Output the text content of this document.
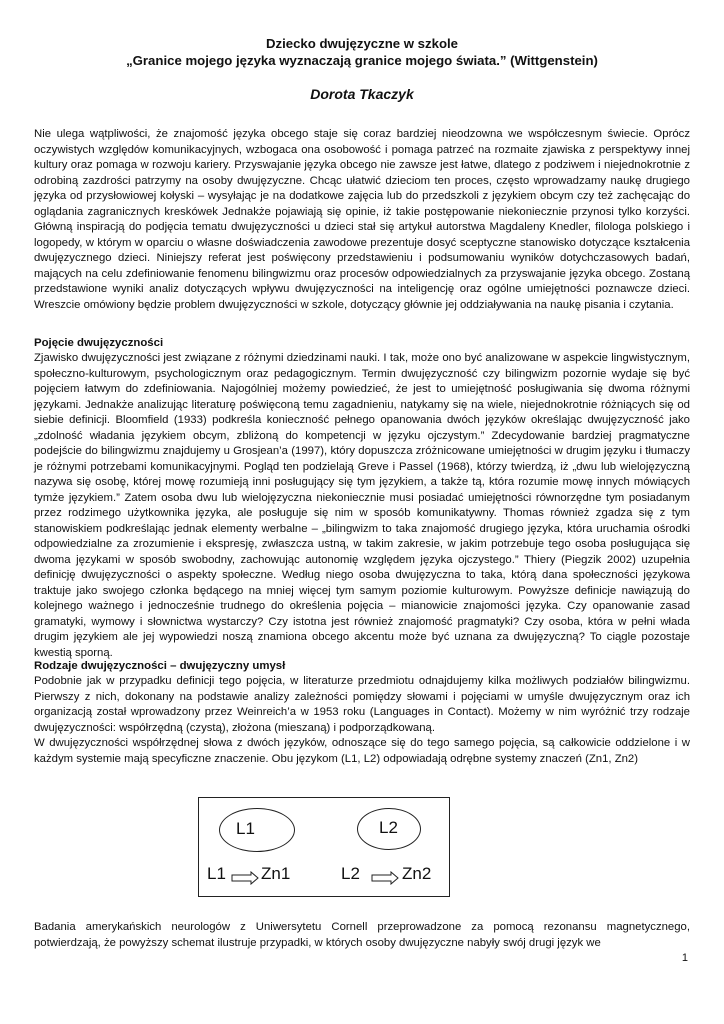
Dziecko dwujęzyczne w szkole
„Granice mojego języka wyznaczają granice mojego świata.” (Wittgenstein)
Dorota Tkaczyk

Nie ulega wątpliwości, że znajomość języka obcego staje się coraz bardziej nieodzowna we współczesnym świecie. Oprócz oczywistych względów komunikacyjnych, wzbogaca ona osobowość i pomaga patrzeć na rozmaite zjawiska z perspektywy innej kultury oraz pomaga w rozwoju kariery. Przyswajanie języka obcego nie zawsze jest łatwe, dlatego z podziwem i niejednokrotnie z odrobiną zazdrości patrzymy na osoby dwujęzyczne. Chcąc ułatwić dzieciom ten proces, często wprowadzamy naukę drugiego języka od przysłowiowej kołyski – wysyłając je na dodatkowe zajęcia lub do przedszkoli z językiem obcym czy też zachęcając do oglądania zagranicznych kreskówek Jednakże pojawiają się opinie, iż takie postępowanie niekoniecznie przynosi tylko korzyści. Główną inspiracją do podjęcia tematu dwujęzyczności u dzieci stał się artykuł autorstwa Magdaleny Knedler, filologa polskiego i logopedy, w którym w oparciu o własne doświadczenia zawodowe prezentuje dosyć sceptyczne stanowisko dotyczące kształcenia dwujęzycznego dzieci. Niniejszy referat jest poświęcony przedstawieniu i podsumowaniu wyników dotychczasowych badań, mających na celu zdefiniowanie fenomenu bilingwizmu oraz procesów odpowiedzialnych za przyswajanie języka obcego. Zostaną przedstawione wyniki analiz dotyczących wpływu dwujęzyczności na inteligencję oraz ogólne umiejętności poznawcze dzieci. Wreszcie omówiony będzie problem dwujęzyczności w szkole, dotyczący głównie jej oddziaływania na naukę pisania i czytania.

Pojęcie dwujęzyczności

Zjawisko dwujęzyczności jest związane z różnymi dziedzinami nauki. I tak, może ono być analizowane w aspekcie lingwistycznym, społeczno-kulturowym, psychologicznym oraz pedagogicznym. Termin dwujęzyczność czy bilingwizm pozornie wydaje się być pojęciem łatwym do zdefiniowania. Najogólniej możemy powiedzieć, że jest to umiejętność posługiwania się dwoma różnymi językami. Jednakże analizując literaturę poświęconą temu zagadnieniu, natykamy się na wiele, niejednokrotnie różniących się od siebie definicji. Bloomfield (1933) podkreśla konieczność pełnego opanowania dwóch języków określając dwujęzyczność jako „zdolność władania językiem obcym, zbliżoną do kompetencji w języku ojczystym.” Zdecydowanie bardziej pragmatyczne podejście do bilingwizmu znajdujemy u Grosjean’a (1997), który dopuszcza zróżnicowane umiejętności w drugim języku i tłumaczy je różnymi potrzebami komunikacyjnymi. Pogląd ten podzielają Greve i Passel (1968), którzy twierdzą, iż „dwu lub wielojęzyczną nazywa się osobę, której mowę rozumieją inni posługujący się tym językiem, a także tą, która rozumie mowę innych mówiących tymże językiem.” Zatem osoba dwu lub wielojęzyczna niekoniecznie musi posiadać umiejętności równorzędne tym posiadanym przez rodzimego użytkownika języka, ale posługuje się nim w sposób komunikatywny. Thomas również zgadza się z tym stanowiskiem podkreślając jednak elementy werbalne – „bilingwizm to taka znajomość drugiego języka, która uruchamia ośrodki odpowiedzialne za zrozumienie i ekspresję, zwłaszcza ustną, w takim zakresie, w jakim potrzebuje tego osoba posługująca się dwoma językami w sposób swobodny, zachowując autonomię względem języka ojczystego.” Thiery (Piegzik 2002) uzupełnia definicję dwujęzyczności o aspekty społeczne. Według niego osoba dwujęzyczna to taka, którą dana społeczności językowa traktuje jako swojego członka będącego na mniej więcej tym samym poziomie kulturowym. Powyższe definicje nawiązują do kolejnego ważnego i jednocześnie trudnego do określenia pojęcia – mianowicie znajomości języka. Czy opanowanie zasad gramatyki, wymowy i słownictwa wystarczy? Czy istotna jest również znajomość pragmatyki? Czy osoba, która w pełni włada drugim językiem ale jej wypowiedzi noszą znamiona obcego akcentu może być uznana za dwujęzyczną? To ciągle pozostaje kwestią sporną.

Rodzaje dwujęzyczności – dwujęzyczny umysł

Podobnie jak w przypadku definicji tego pojęcia, w literaturze przedmiotu odnajdujemy kilka możliwych podziałów bilingwizmu. Pierwszy z nich, dokonany na podstawie analizy zależności pomiędzy słowami i pojęciami w umyśle dwujęzycznym oraz ich organizacją został wprowadzony przez Weinreich’a w 1953 roku (Languages in Contact). Możemy w nim wyróżnić trzy rodzaje dwujęzyczności: współrzędną (czystą), złożona (mieszaną) i podporządkowaną.

W dwujęzyczności współrzędnej słowa z dwóch języków, odnoszące się do tego samego pojęcia, są całkowicie oddzielone i w każdym systemie mają specyficzne znaczenie. Obu językom (L1, L2) odpowiadają odrębne systemy znaczeń (Zn1, Zn2)

L1	L2
L1 Zn1	L2 Zn2

Badania amerykańskich neurologów z Uniwersytetu Cornell przeprowadzone za pomocą rezonansu magnetycznego, potwierdzają, że powyższy schemat ilustruje przypadki, w których osoby dwujęzyczne nabyły swój drugi język we

1
